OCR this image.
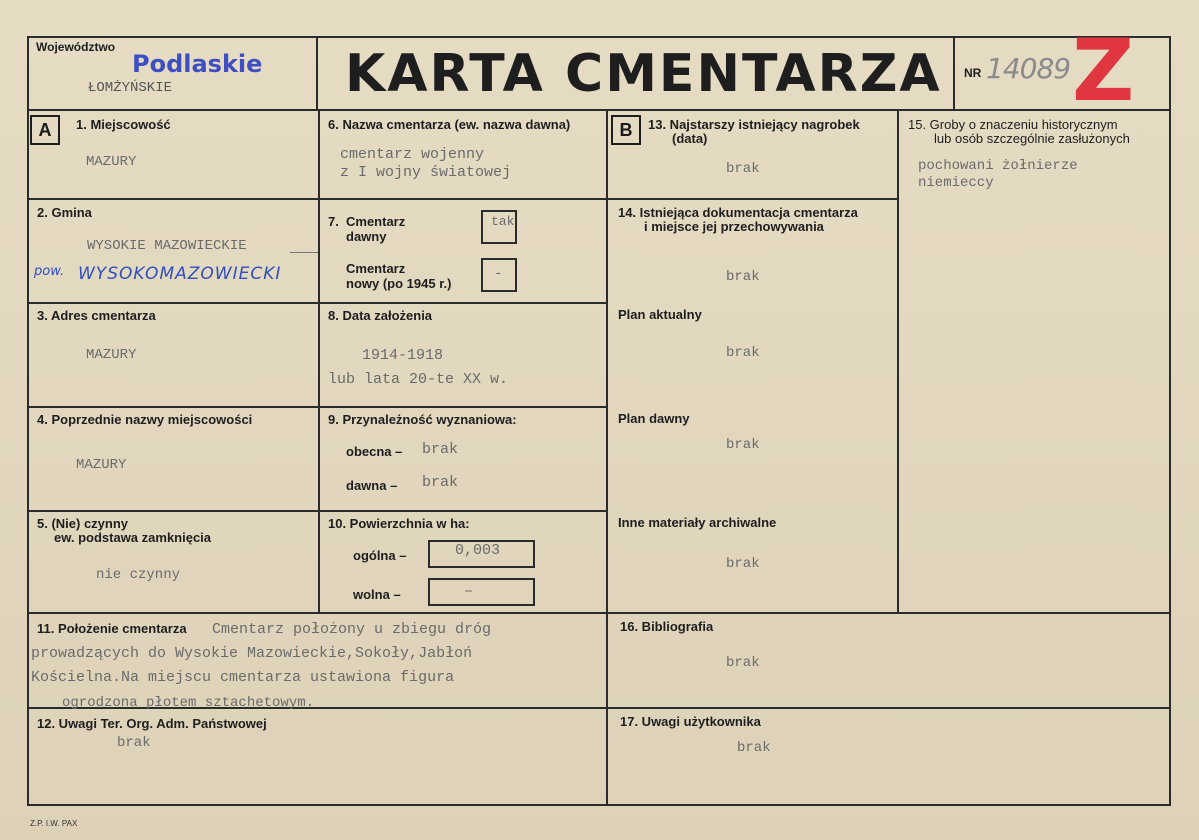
Województwo
Podlaskie
ŁOMŻYŃSKIE	KARTA CMENTARZA NR 14089 Z
A	1. Miejscowość
MAZURY
2. Gmina
WYSOKIE MAZOWIECKIE
pow. WYSOKOMAZOWIECKI
3. Adres cmentarza
MAZURY
4. Poprzednie nazwy miejscowości
MAZURY
5. (Nie) czynny
ew. podstawa zamknięcia
nie czynny
6. Nazwa cmentarza (ew. nazwa dawna)
cmentarz wojenny
z I wojny światowej
7. Cmentarz
dawny
tak
Cmentarz
nowy (po 1945 r.)
-
8. Data założenia
1914-1918
lub lata 20-te XX w.
9. Przynależność wyznaniowa:
obecna – brak
dawna – brak
10. Powierzchnia w ha:
ogólna –	0,003
wolna –	–
B	13. Najstarszy istniejący nagrobek
(data)
brak
14. Istniejąca dokumentacja cmentarza
i miejsce jej przechowywania
brak
Plan aktualny
brak
Plan dawny
brak
Inne materiały archiwalne
brak
15. Groby o znaczeniu historycznym
lub osób szczególnie zasłużonych
pochowani żołnierze
niemieccy
11. Położenie cmentarza Cmentarz położony u zbiegu dróg
prowadzących do Wysokie Mazowieckie,Sokoły,Jabłoń
Kościelna.Na miejscu cmentarza ustawiona figura
ogrodzona płotem sztachetowym.
16. Bibliografia
brak
12. Uwagi Ter. Org. Adm. Państwowej
brak
17. Uwagi użytkownika
brak
Z.P. I.W. PAX
